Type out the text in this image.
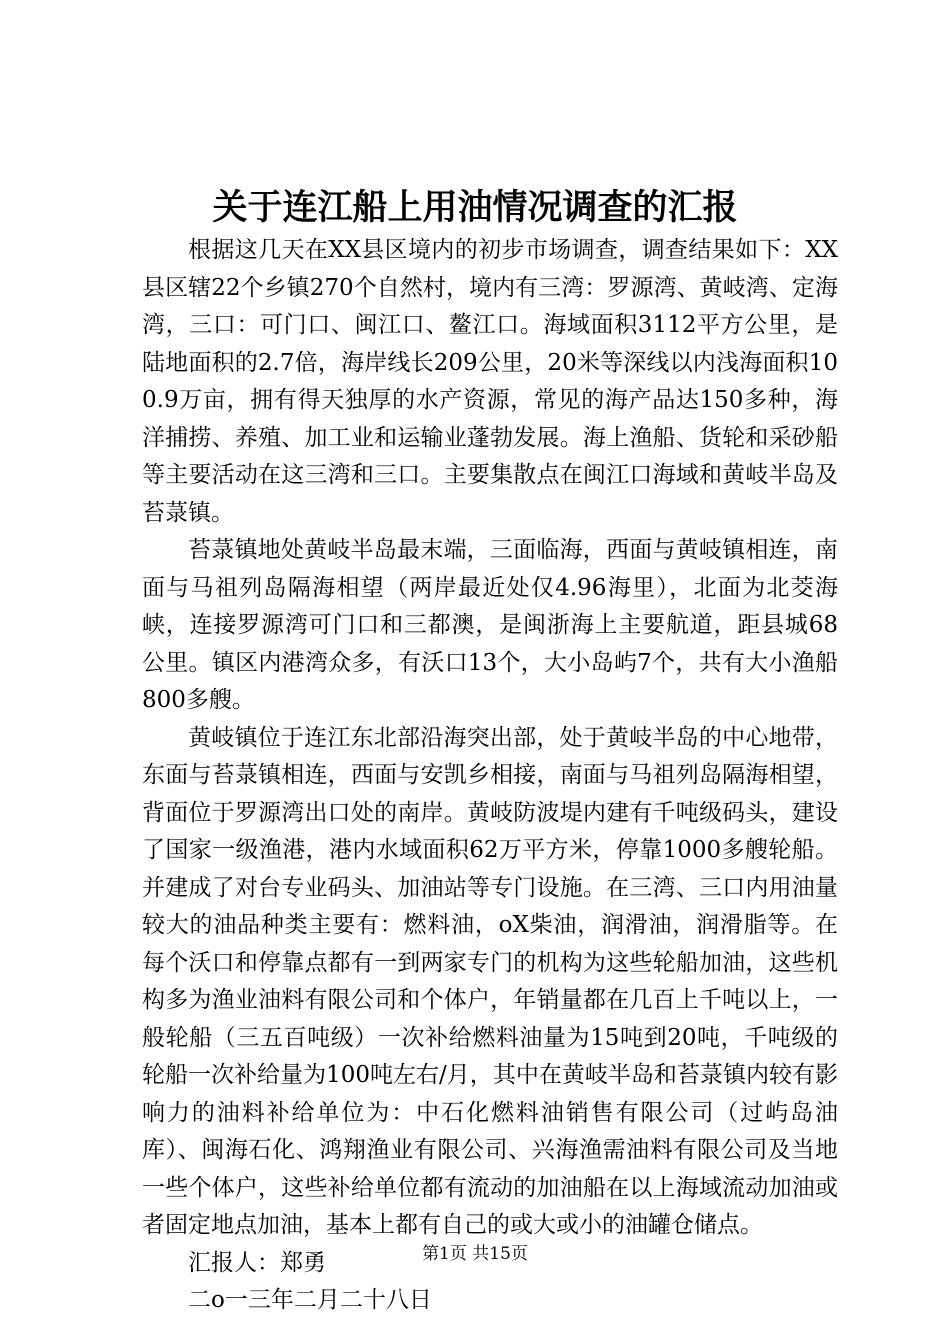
关于连江船上用油情况调查的汇报

根据这几天在XX县区境内的初步市场调查，调查结果如下：XX县区辖22个乡镇270个自然村，境内有三湾：罗源湾、黄岐湾、定海湾，三口：可门口、闽江口、鳌江口。海域面积3112平方公里，是陆地面积的2.7倍，海岸线长209公里，20米等深线以内浅海面积100.9万亩，拥有得天独厚的水产资源，常见的海产品达150多种，海洋捕捞、养殖、加工业和运输业蓬勃发展。海上渔船、货轮和采砂船等主要活动在这三湾和三口。主要集散点在闽江口海域和黄岐半岛及苔菉镇。

苔菉镇地处黄岐半岛最末端，三面临海，西面与黄岐镇相连，南面与马祖列岛隔海相望（两岸最近处仅4.96海里），北面为北茭海峡，连接罗源湾可门口和三都澳，是闽浙海上主要航道，距县城68公里。镇区内港湾众多，有沃口13个，大小岛屿7个，共有大小渔船800多艘。

黄岐镇位于连江东北部沿海突出部，处于黄岐半岛的中心地带，东面与苔菉镇相连，西面与安凯乡相接，南面与马祖列岛隔海相望，背面位于罗源湾出口处的南岸。黄岐防波堤内建有千吨级码头，建设了国家一级渔港，港内水域面积62万平方米，停靠1000多艘轮船。并建成了对台专业码头、加油站等专门设施。在三湾、三口内用油量较大的油品种类主要有：燃料油，oX柴油，润滑油，润滑脂等。在每个沃口和停靠点都有一到两家专门的机构为这些轮船加油，这些机构多为渔业油料有限公司和个体户，年销量都在几百上千吨以上，一般轮船（三五百吨级）一次补给燃料油量为15吨到20吨，千吨级的轮船一次补给量为100吨左右/月，其中在黄岐半岛和苔菉镇内较有影响力的油料补给单位为：中石化燃料油销售有限公司（过屿岛油库）、闽海石化、鸿翔渔业有限公司、兴海渔需油料有限公司及当地一些个体户，这些补给单位都有流动的加油船在以上海域流动加油或者固定地点加油，基本上都有自己的或大或小的油罐仓储点。

汇报人：郑勇

二o一三年二月二十八日

第1页 共15页
